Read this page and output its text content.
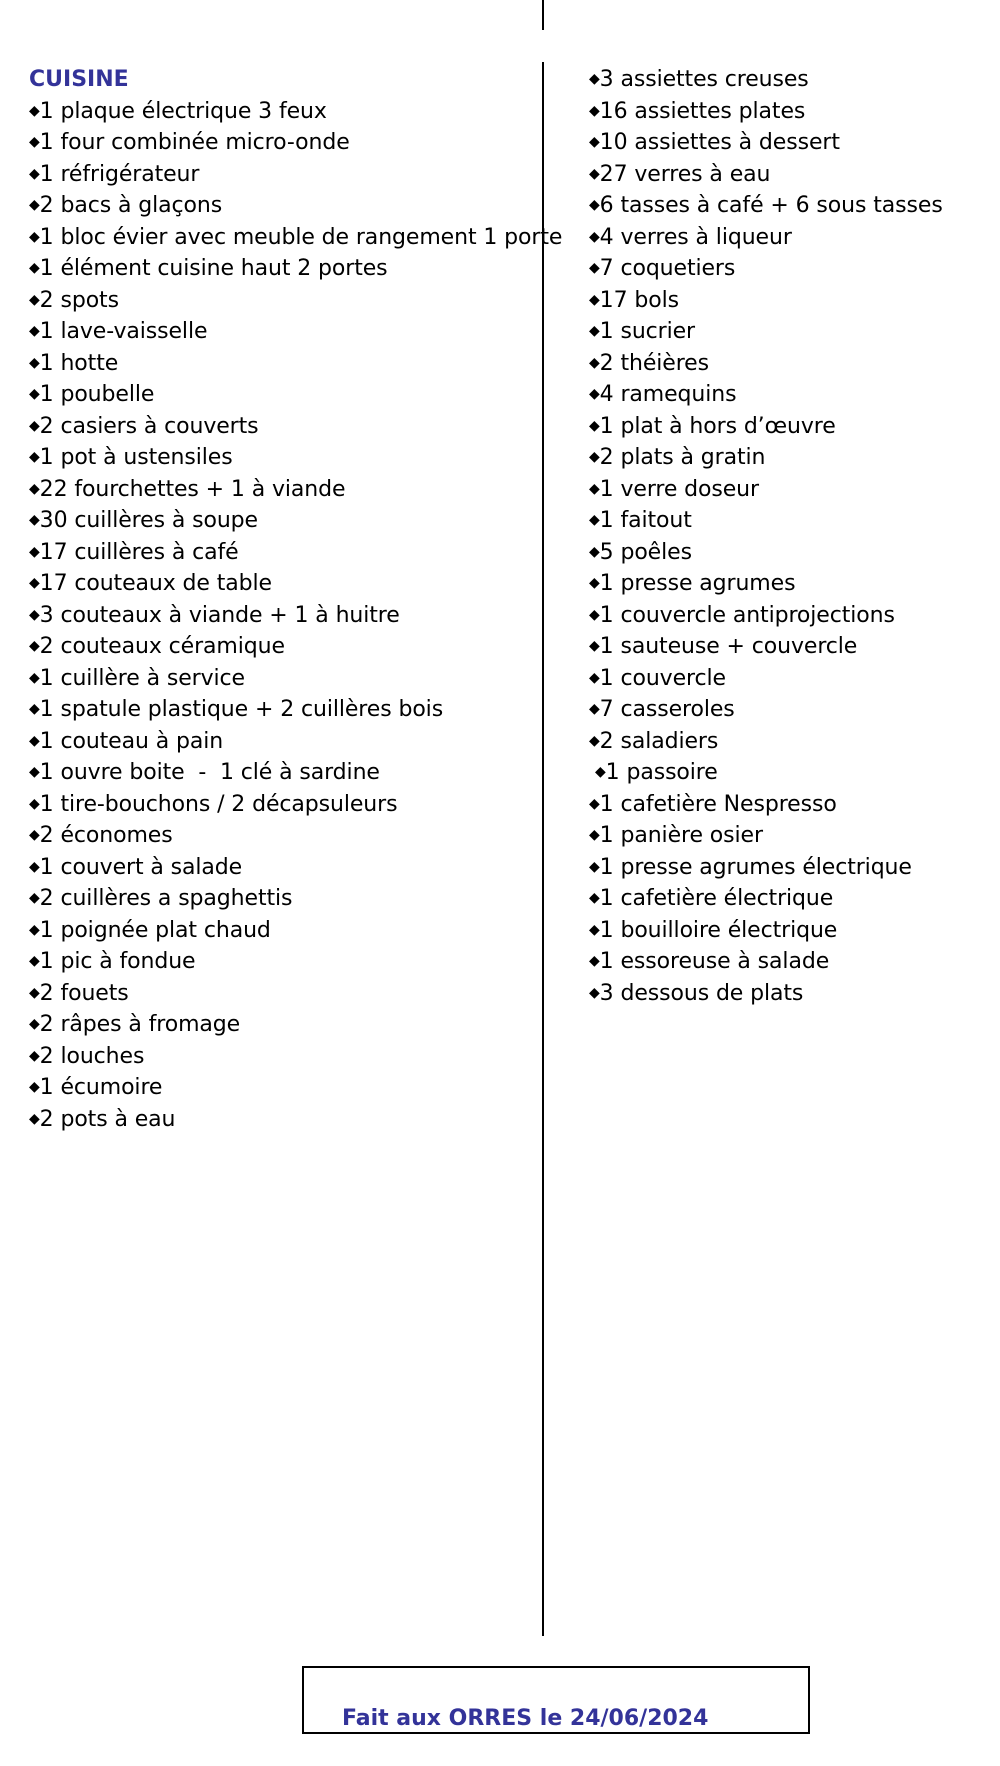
CUISINE
◆1 plaque électrique 3 feux
◆1 four combinée micro-onde
◆1 réfrigérateur
◆2 bacs à glaçons
◆1 bloc évier avec meuble de rangement 1 porte
◆1 élément cuisine haut 2 portes
◆2 spots
◆1 lave-vaisselle
◆1 hotte
◆1 poubelle
◆2 casiers à couverts
◆1 pot à ustensiles
◆22 fourchettes + 1 à viande
◆30 cuillères à soupe
◆17 cuillères à café
◆17 couteaux de table
◆3 couteaux à viande + 1 à huitre
◆2 couteaux céramique
◆1 cuillère à service
◆1 spatule plastique + 2 cuillères bois
◆1 couteau à pain
◆1 ouvre boite  -  1 clé à sardine
◆1 tire-bouchons / 2 décapsuleurs
◆2 économes
◆1 couvert à salade
◆2 cuillères a spaghettis
◆1 poignée plat chaud
◆1 pic à fondue
◆2 fouets
◆2 râpes à fromage
◆2 louches
◆1 écumoire
◆2 pots à eau
◆3 assiettes creuses
◆16 assiettes plates
◆10 assiettes à dessert
◆27 verres à eau
◆6 tasses à café + 6 sous tasses
◆4 verres à liqueur
◆7 coquetiers
◆17 bols
◆1 sucrier
◆2 théières
◆4 ramequins
◆1 plat à hors d’œuvre
◆2 plats à gratin
◆1 verre doseur
◆1 faitout
◆5 poêles
◆1 presse agrumes
◆1 couvercle antiprojections
◆1 sauteuse + couvercle
◆1 couvercle
◆7 casseroles
◆2 saladiers
◆1 passoire
◆1 cafetière Nespresso
◆1 panière osier
◆1 presse agrumes électrique
◆1 cafetière électrique
◆1 bouilloire électrique
◆1 essoreuse à salade
◆3 dessous de plats
Fait aux ORRES le 24/06/2024
